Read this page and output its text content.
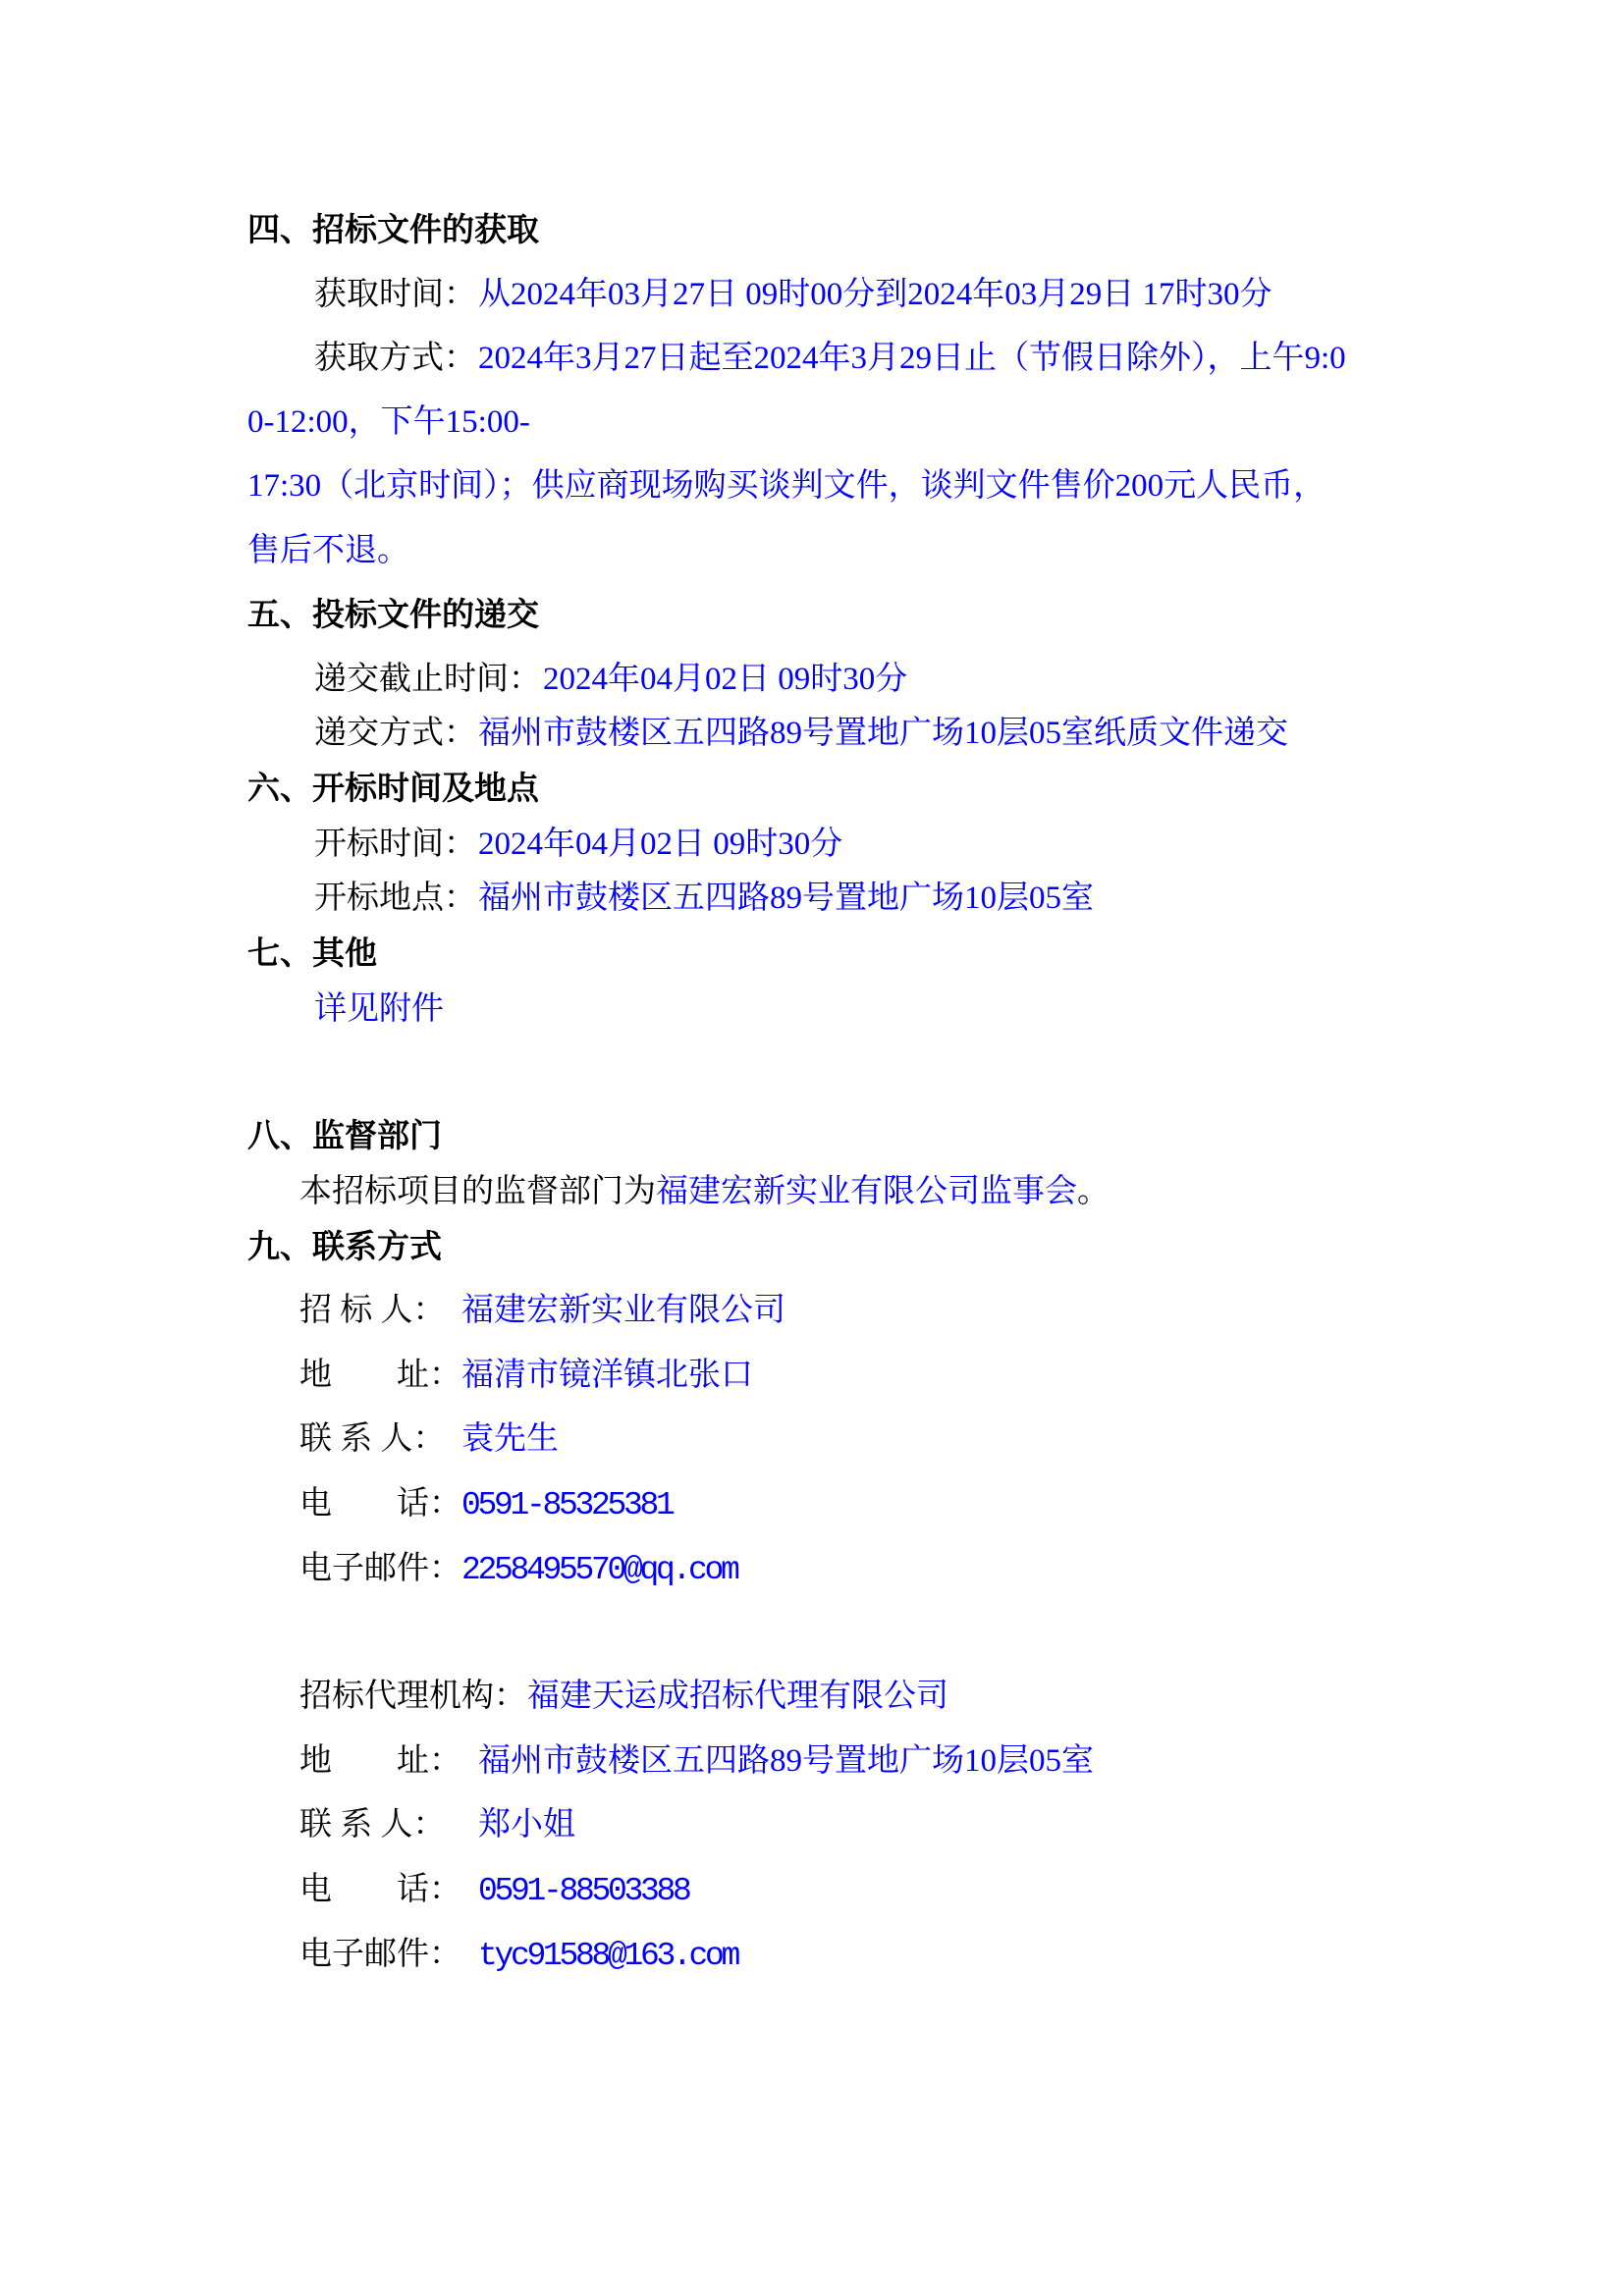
四、招标文件的获取
获取时间：从2024年03月27日 09时00分到2024年03月29日 17时30分
获取方式：2024年3月27日起至2024年3月29日止（节假日除外），上午9:0
0-12:00，下午15:00-
17:30（北京时间）；供应商现场购买谈判文件，谈判文件售价200元人民币，
售后不退。
五、投标文件的递交
递交截止时间：2024年04月02日 09时30分
递交方式：福州市鼓楼区五四路89号置地广场10层05室纸质文件递交
六、开标时间及地点
开标时间：2024年04月02日 09时30分
开标地点：福州市鼓楼区五四路89号置地广场10层05室
七、其他
详见附件
八、监督部门
本招标项目的监督部门为福建宏新实业有限公司监事会。
九、联系方式
招 标 人： 福建宏新实业有限公司
地　　址：福清市镜洋镇北张口
联 系 人： 袁先生
电　　话：0591-85325381
电子邮件：2258495570@qq.com
招标代理机构：福建天运成招标代理有限公司
地　　址： 福州市鼓楼区五四路89号置地广场10层05室
联 系 人： 郑小姐
电　　话： 0591-88503388
电子邮件： tyc91588@163.com
